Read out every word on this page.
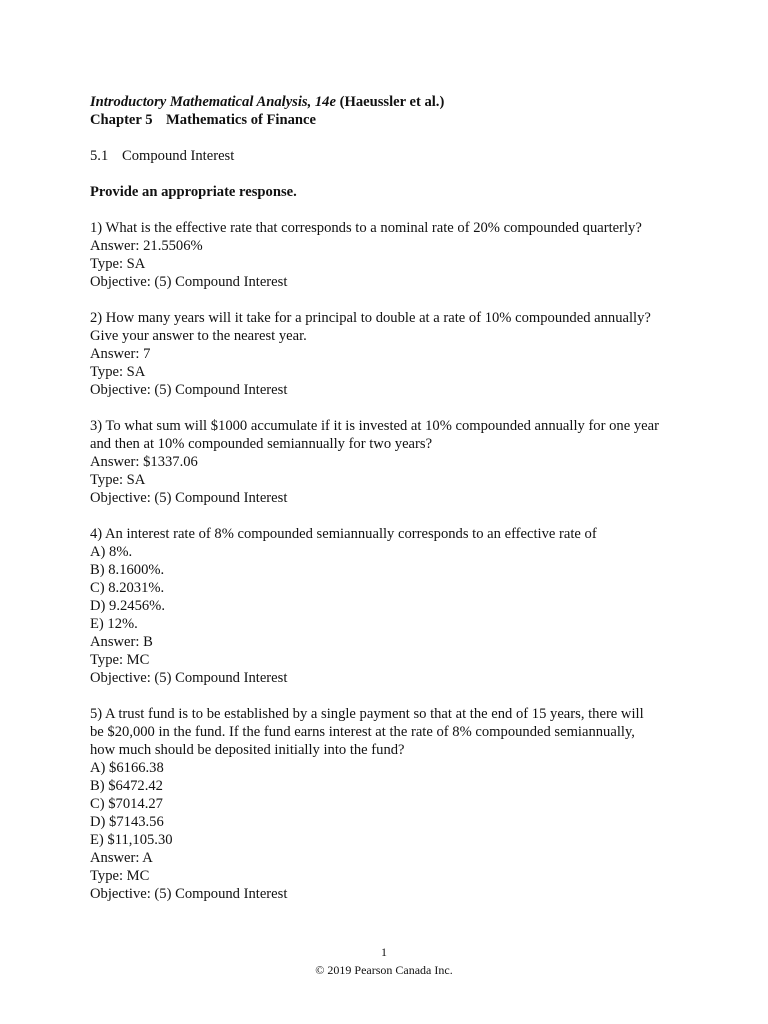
Introductory Mathematical Analysis, 14e (Haeussler et al.)
Chapter 5 Mathematics of Finance
5.1 Compound Interest
Provide an appropriate response.
1) What is the effective rate that corresponds to a nominal rate of 20% compounded quarterly?
Answer: 21.5506%
Type: SA
Objective: (5) Compound Interest
2) How many years will it take for a principal to double at a rate of 10% compounded annually?
Give your answer to the nearest year.
Answer: 7
Type: SA
Objective: (5) Compound Interest
3) To what sum will $1000 accumulate if it is invested at 10% compounded annually for one year
and then at 10% compounded semiannually for two years?
Answer: $1337.06
Type: SA
Objective: (5) Compound Interest
4) An interest rate of 8% compounded semiannually corresponds to an effective rate of
A) 8%.
B) 8.1600%.
C) 8.2031%.
D) 9.2456%.
E) 12%.
Answer: B
Type: MC
Objective: (5) Compound Interest
5) A trust fund is to be established by a single payment so that at the end of 15 years, there will
be $20,000 in the fund. If the fund earns interest at the rate of 8% compounded semiannually,
how much should be deposited initially into the fund?
A) $6166.38
B) $6472.42
C) $7014.27
D) $7143.56
E) $11,105.30
Answer: A
Type: MC
Objective: (5) Compound Interest
1
© 2019 Pearson Canada Inc.
